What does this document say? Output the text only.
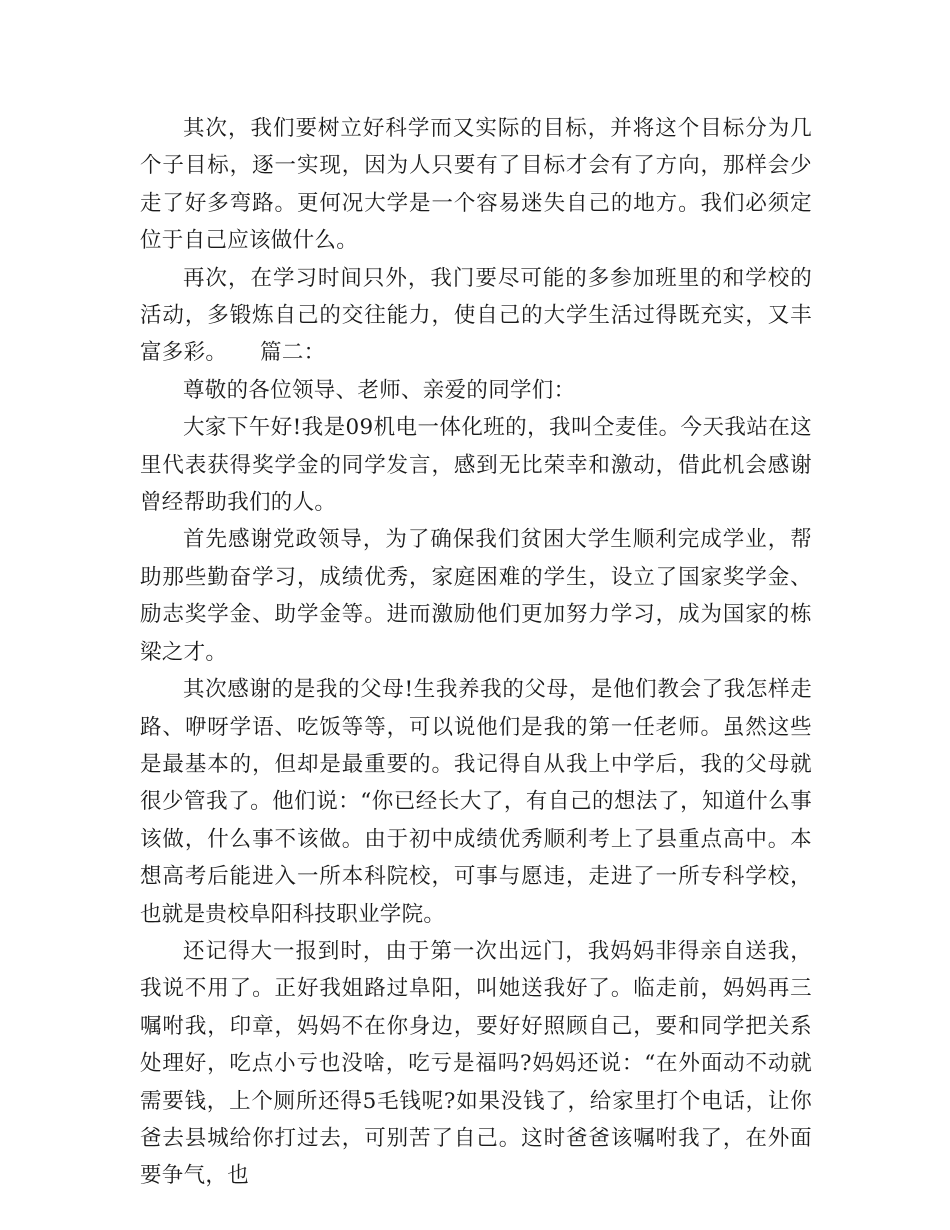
其次，我们要树立好科学而又实际的目标，并将这个目标分为几个子目标，逐一实现，因为人只要有了目标才会有了方向，那样会少走了好多弯路。更何况大学是一个容易迷失自己的地方。我们必须定位于自己应该做什么。

再次，在学习时间只外，我门要尽可能的多参加班里的和学校的活动，多锻炼自己的交往能力，使自己的大学生活过得既充实，又丰富多彩。　　篇二：

尊敬的各位领导、老师、亲爱的同学们：

大家下午好!我是09机电一体化班的，我叫仝麦佳。今天我站在这里代表获得奖学金的同学发言，感到无比荣幸和激动，借此机会感谢曾经帮助我们的人。

首先感谢党政领导，为了确保我们贫困大学生顺利完成学业，帮助那些勤奋学习，成绩优秀，家庭困难的学生，设立了国家奖学金、励志奖学金、助学金等。进而激励他们更加努力学习，成为国家的栋梁之才。

其次感谢的是我的父母!生我养我的父母，是他们教会了我怎样走路、咿呀学语、吃饭等等，可以说他们是我的第一任老师。虽然这些是最基本的，但却是最重要的。我记得自从我上中学后，我的父母就很少管我了。他们说：“你已经长大了，有自己的想法了，知道什么事该做，什么事不该做。由于初中成绩优秀顺利考上了县重点高中。本想高考后能进入一所本科院校，可事与愿违，走进了一所专科学校，也就是贵校阜阳科技职业学院。

还记得大一报到时，由于第一次出远门，我妈妈非得亲自送我，我说不用了。正好我姐路过阜阳，叫她送我好了。临走前，妈妈再三嘱咐我，印章，妈妈不在你身边，要好好照顾自己，要和同学把关系处理好，吃点小亏也没啥，吃亏是福吗?妈妈还说：“在外面动不动就需要钱，上个厕所还得5毛钱呢?如果没钱了，给家里打个电话，让你爸去县城给你打过去，可别苦了自己。这时爸爸该嘱咐我了，在外面要争气，也
